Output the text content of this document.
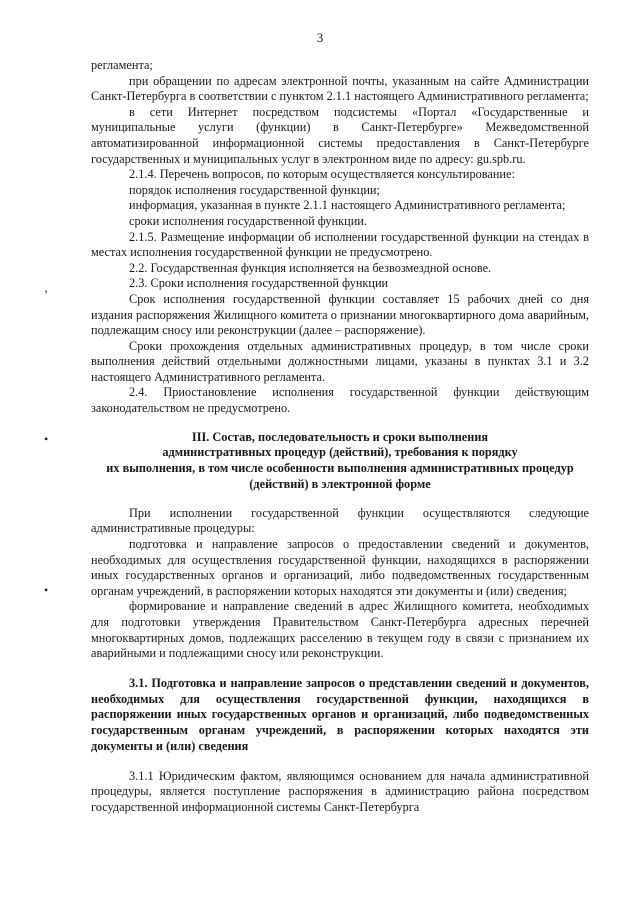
3
’
•
•

регламента;

при обращении по адресам электронной почты, указанным на сайте Администрации Санкт-Петербурга в соответствии с пунктом 2.1.1 настоящего Административного регламента;

в сети Интернет посредством подсистемы «Портал «Государственные и муниципальные услуги (функции) в Санкт-Петербурге» Межведомственной автоматизированной информационной системы предоставления в Санкт-Петербурге государственных и муниципальных услуг в электронном виде по адресу: gu.spb.ru.

2.1.4. Перечень вопросов, по которым осуществляется консультирование:

порядок исполнения государственной функции;

информация, указанная в пункте 2.1.1 настоящего Административного регламента;

сроки исполнения государственной функции.

2.1.5. Размещение информации об исполнении государственной функции на стендах в местах исполнения государственной функции не предусмотрено.

2.2. Государственная функция исполняется на безвозмездной основе.

2.3. Сроки исполнения государственной функции

Срок исполнения государственной функции составляет 15 рабочих дней со дня издания распоряжения Жилищного комитета о признании многоквартирного дома аварийным, подлежащим сносу или реконструкции (далее – распоряжение).

Сроки прохождения отдельных административных процедур, в том числе сроки выполнения действий отдельными должностными лицами, указаны в пунктах 3.1 и 3.2 настоящего Административного регламента.

2.4. Приостановление исполнения государственной функции действующим законодательством не предусмотрено.

III. Состав, последовательность и сроки выполнения
административных процедур (действий), требования к порядку
их выполнения, в том числе особенности выполнения административных процедур
(действий) в электронной форме

При исполнении государственной функции осуществляются следующие административные процедуры:

подготовка и направление запросов о предоставлении сведений и документов, необходимых для осуществления государственной функции, находящихся в распоряжении иных государственных органов и организаций, либо подведомственных государственным органам учреждений, в распоряжении которых находятся эти документы и (или) сведения;

формирование и направление сведений в адрес Жилищного комитета, необходимых для подготовки утверждения Правительством Санкт-Петербурга адресных перечней многоквартирных домов, подлежащих расселению в текущем году в связи с признанием их аварийными и подлежащими сносу или реконструкции.

3.1. Подготовка и направление запросов о представлении сведений и документов, необходимых для осуществления государственной функции, находящихся в распоряжении иных государственных органов и организаций, либо подведомственных государственным органам учреждений, в распоряжении которых находятся эти документы и (или) сведения

3.1.1 Юридическим фактом, являющимся основанием для начала административной процедуры, является поступление распоряжения в администрацию района посредством государственной информационной системы Санкт-Петербурга
